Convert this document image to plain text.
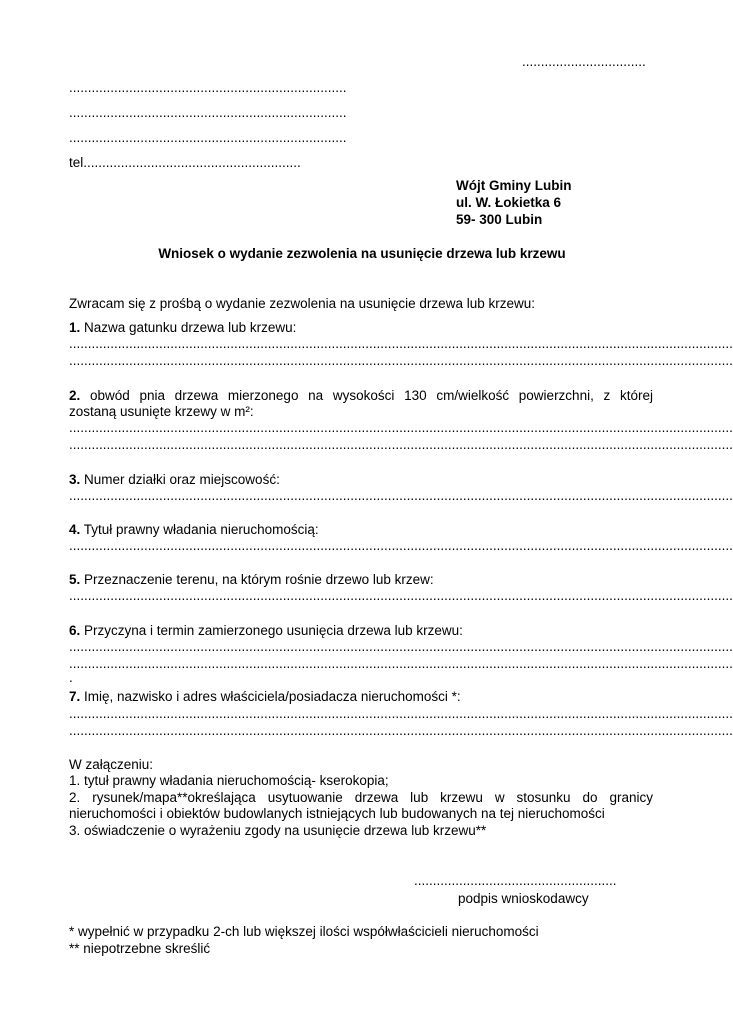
.................................
..........................................................................
..........................................................................
..........................................................................
tel..........................................................
Wójt Gminy Lubin
ul. W. Łokietka 6
59- 300 Lubin
Wniosek o wydanie zezwolenia na usunięcie drzewa lub krzewu
Zwracam się z prośbą o wydanie zezwolenia na usunięcie drzewa lub krzewu:
1. Nazwa gatunku drzewa lub krzewu:
.................................................................................................................................................................................
.................................................................................................................................................................................
2. obwód pnia drzewa mierzonego na wysokości 130 cm/wielkość powierzchni, z której
zostaną usunięte krzewy w m²:
.................................................................................................................................................................................
.................................................................................................................................................................................
3. Numer działki oraz miejscowość:
.................................................................................................................................................................................
4. Tytuł prawny władania nieruchomością:
.................................................................................................................................................................................
5. Przeznaczenie terenu, na którym rośnie drzewo lub krzew:
.................................................................................................................................................................................
6. Przyczyna i termin zamierzonego usunięcia drzewa lub krzewu:
.................................................................................................................................................................................
.................................................................................................................................................................................
.
7. Imię, nazwisko i adres właściciela/posiadacza nieruchomości *:
.................................................................................................................................................................................
.................................................................................................................................................................................
W załączeniu:
1. tytuł prawny władania nieruchomością- kserokopia;
2. rysunek/mapa**określająca usytuowanie drzewa lub krzewu w stosunku do granicy
nieruchomości i obiektów budowlanych istniejących lub budowanych na tej nieruchomości
3. oświadczenie o wyrażeniu zgody na usunięcie drzewa lub krzewu**
......................................................
podpis wnioskodawcy
* wypełnić w przypadku 2-ch lub większej ilości współwłaścicieli nieruchomości
** niepotrzebne skreślić
